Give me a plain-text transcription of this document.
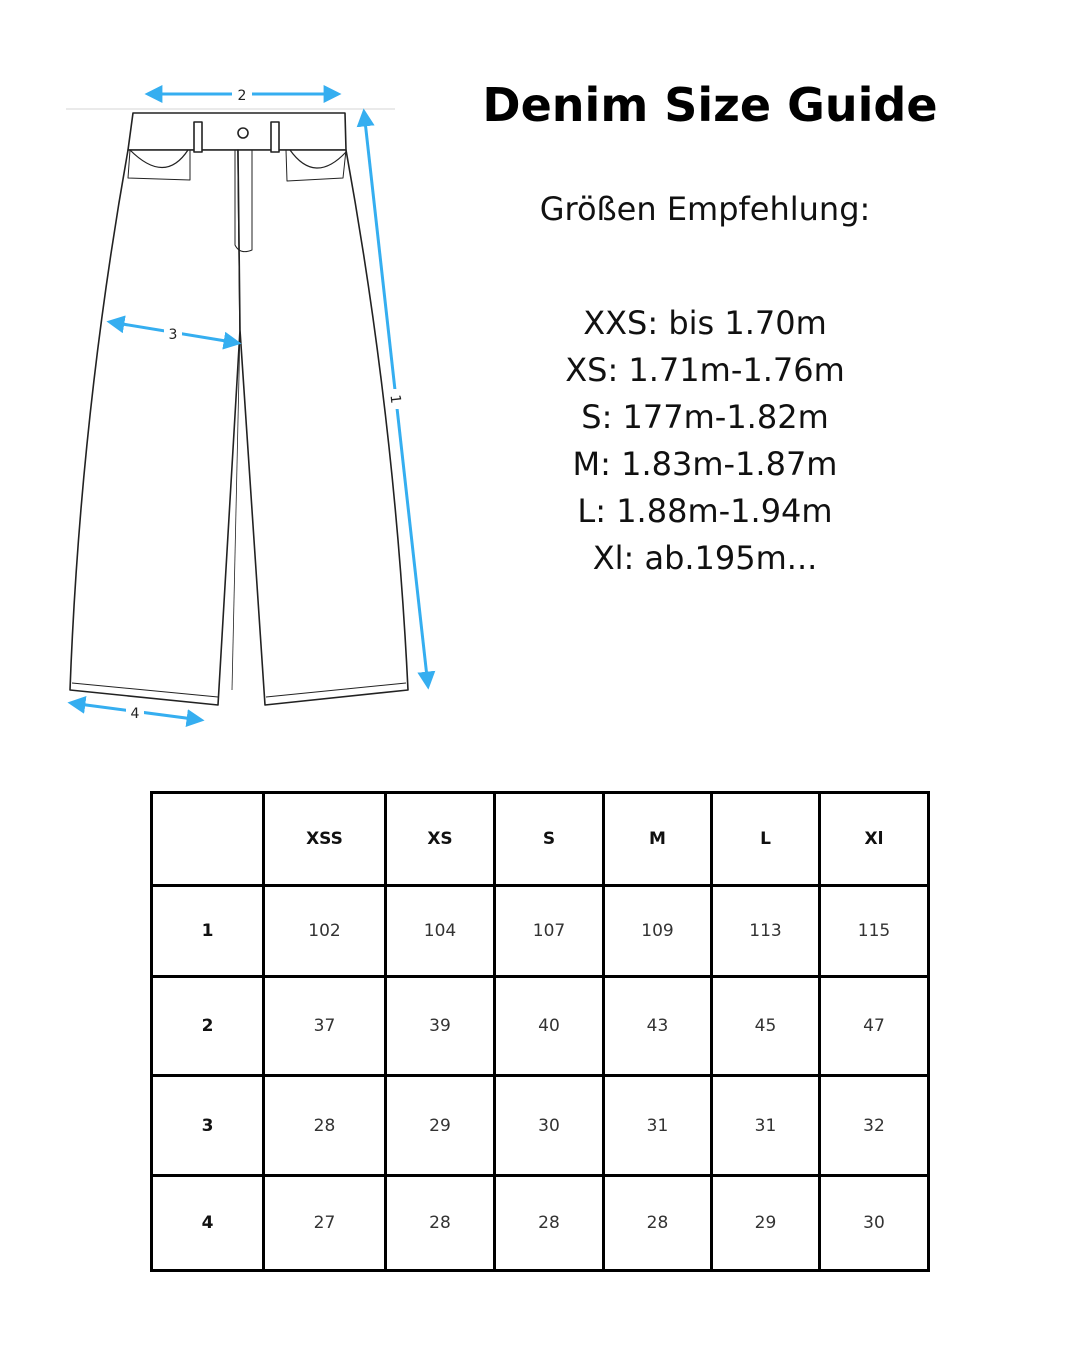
2
1
3
4
Denim Size Guide
Größen Empfehlung:
XXS: bis 1.70m
XS: 1.71m-1.76m
S: 177m-1.82m
M: 1.83m-1.87m
L: 1.88m-1.94m
Xl: ab.195m...
	XSS	XS	S	M	L	Xl
1	102	104	107	109	113	115
2	37	39	40	43	45	47
3	28	29	30	31	31	32
4	27	28	28	28	29	30
